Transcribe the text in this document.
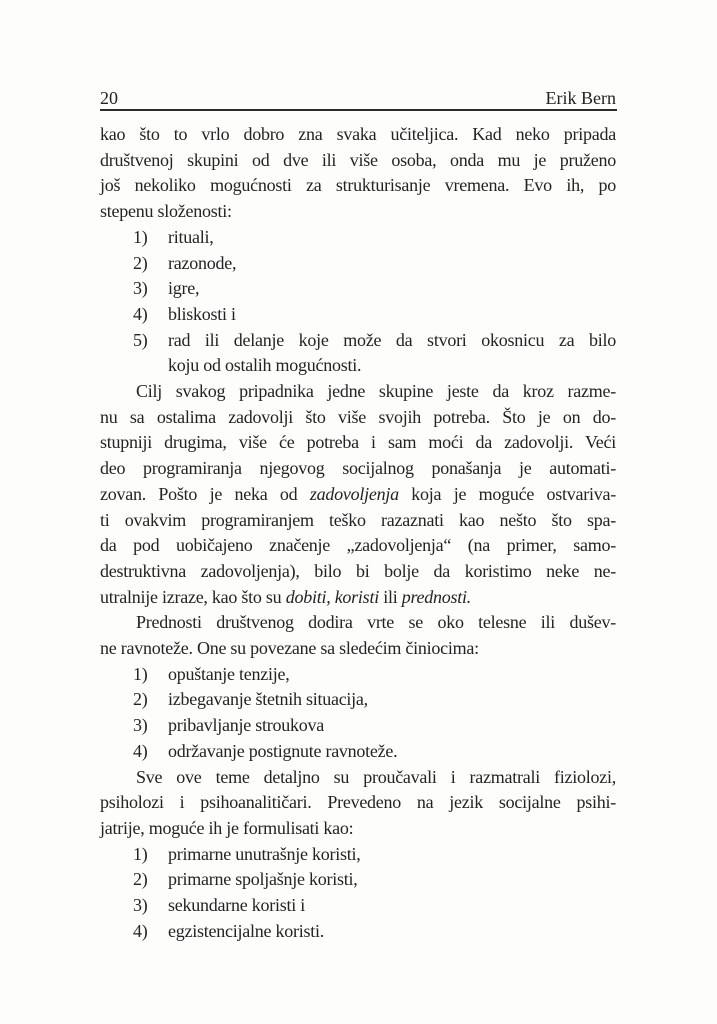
20	Erik Bern
kao što to vrlo dobro zna svaka učiteljica. Kad neko pripada
društvenoj skupini od dve ili više osoba, onda mu je pruženo
još nekoliko mogućnosti za strukturisanje vremena. Evo ih, po
stepenu složenosti:
1) rituali,
2) razonode,
3) igre,
4) bliskosti i
5) rad ili delanje koje može da stvori okosnicu za bilo
koju od ostalih mogućnosti.
Cilj svakog pripadnika jedne skupine jeste da kroz razme-
nu sa ostalima zadovolji što više svojih potreba. Što je on do-
stupniji drugima, više će potreba i sam moći da zadovolji. Veći
deo programiranja njegovog socijalnog ponašanja je automati-
zovan. Pošto je neka od zadovoljenja koja je moguće ostvariva-
ti ovakvim programiranjem teško razaznati kao nešto što spa-
da pod uobičajeno značenje „zadovoljenja“ (na primer, samo-
destruktivna zadovoljenja), bilo bi bolje da koristimo neke ne-
utralnije izraze, kao što su dobiti, koristi ili prednosti.
Prednosti društvenog dodira vrte se oko telesne ili dušev-
ne ravnoteže. One su povezane sa sledećim činiocima:
1) opuštanje tenzije,
2) izbegavanje štetnih situacija,
3) pribavljanje stroukova
4) održavanje postignute ravnoteže.
Sve ove teme detaljno su proučavali i razmatrali fiziolozi,
psiholozi i psihoanalitičari. Prevedeno na jezik socijalne psihi-
jatrije, moguće ih je formulisati kao:
1) primarne unutrašnje koristi,
2) primarne spoljašnje koristi,
3) sekundarne koristi i
4) egzistencijalne koristi.
